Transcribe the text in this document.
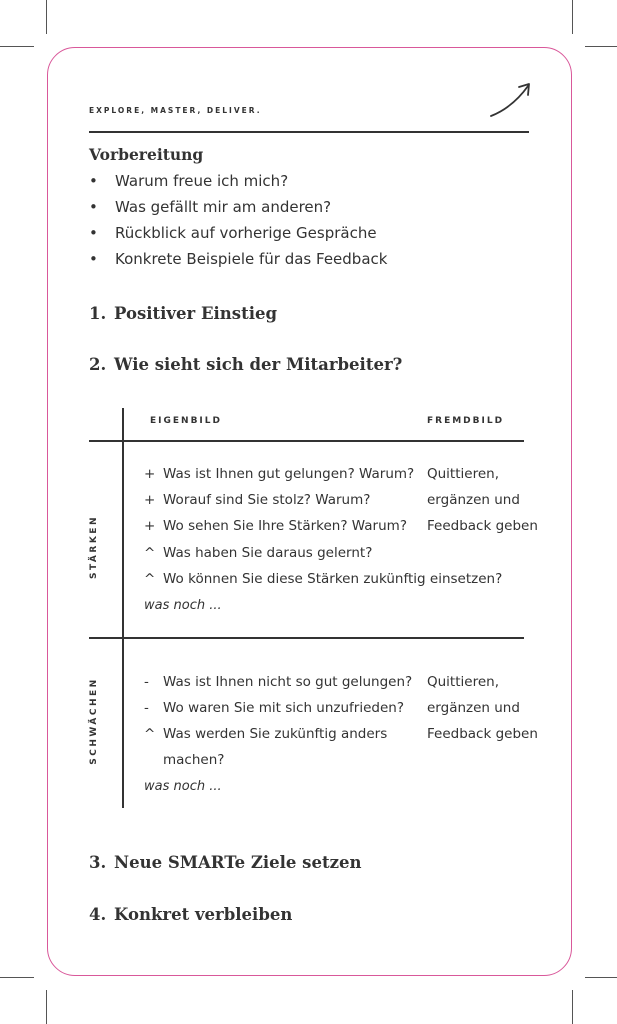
EXPLORE, MASTER, DELIVER.
Vorbereitung
• Warum freue ich mich?
• Was gefällt mir am anderen?
• Rückblick auf vorherige Gespräche
• Konkrete Beispiele für das Feedback
1. Positiver Einstieg
2. Wie sieht sich der Mitarbeiter?
EIGENBILD	FREMDBILD
STÄRKEN
SCHWÄCHEN
+ Was ist Ihnen gut gelungen? Warum?
+ Worauf sind Sie stolz? Warum?
+ Wo sehen Sie Ihre Stärken? Warum?
^ Was haben Sie daraus gelernt?
^ Wo können Sie diese Stärken zukünftig einsetzen?
was noch ...
Quittieren,
ergänzen und
Feedback geben
- Was ist Ihnen nicht so gut gelungen?
- Wo waren Sie mit sich unzufrieden?
^ Was werden Sie zukünftig anders
machen?
was noch ...
Quittieren,
ergänzen und
Feedback geben
3. Neue SMARTe Ziele setzen
4. Konkret verbleiben
